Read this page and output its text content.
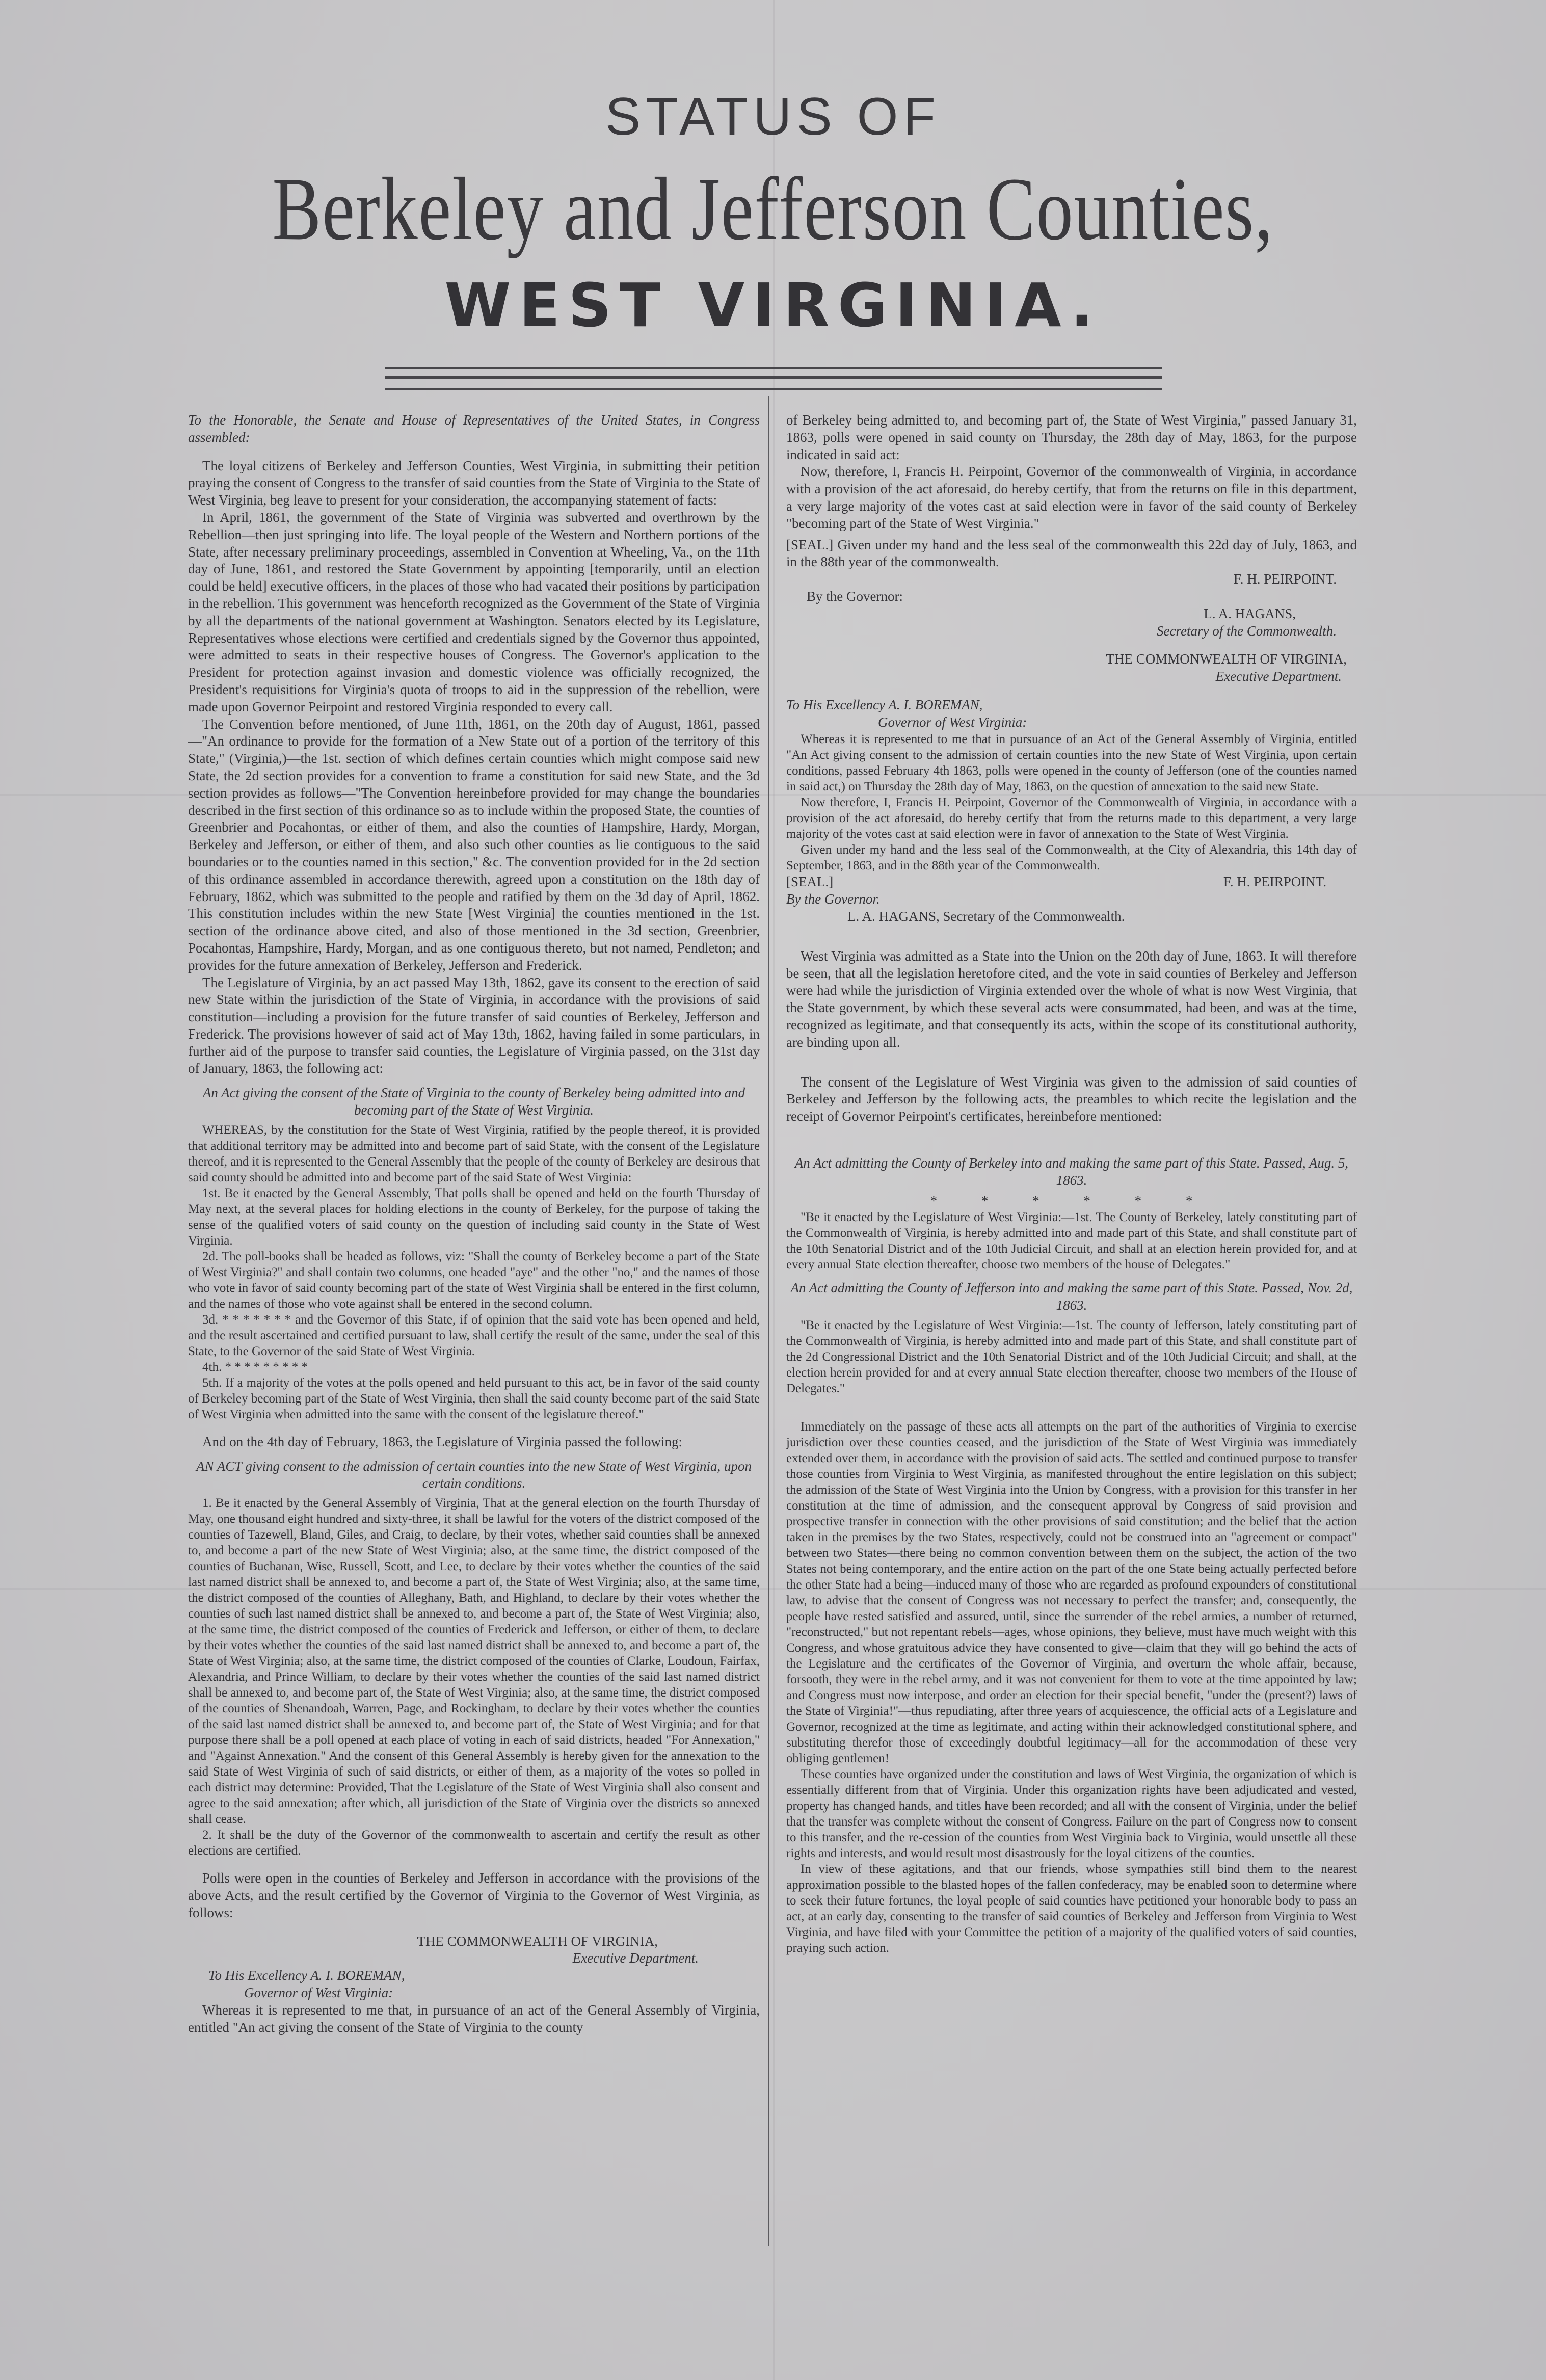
STATUS OF
Berkeley and Jefferson Counties,
WEST VIRGINIA.

To the Honorable, the Senate and House of Representatives of the United States, in Congress assembled:

The loyal citizens of Berkeley and Jefferson Counties, West Virginia, in submitting their petition praying the consent of Congress to the transfer of said counties from the State of Virginia to the State of West Virginia, beg leave to present for your consideration, the accompanying statement of facts:

In April, 1861, the government of the State of Virginia was subverted and overthrown by the Rebellion—then just springing into life. The loyal people of the Western and Northern portions of the State, after necessary preliminary proceedings, assembled in Convention at Wheeling, Va., on the 11th day of June, 1861, and restored the State Government by appointing [temporarily, until an election could be held] executive officers, in the places of those who had vacated their positions by participation in the rebellion. This government was henceforth recognized as the Government of the State of Virginia by all the departments of the national government at Washington. Senators elected by its Legislature, Representatives whose elections were certified and credentials signed by the Governor thus appointed, were admitted to seats in their respective houses of Congress. The Governor's application to the President for protection against invasion and domestic violence was officially recognized, the President's requisitions for Virginia's quota of troops to aid in the suppression of the rebellion, were made upon Governor Peirpoint and restored Virginia responded to every call.

The Convention before mentioned, of June 11th, 1861, on the 20th day of August, 1861, passed—"An ordinance to provide for the formation of a New State out of a portion of the territory of this State," (Virginia,)—the 1st. section of which defines certain counties which might compose said new State, the 2d section provides for a convention to frame a constitution for said new State, and the 3d section provides as follows—"The Convention hereinbefore provided for may change the boundaries described in the first section of this ordinance so as to include within the proposed State, the counties of Greenbrier and Pocahontas, or either of them, and also the counties of Hampshire, Hardy, Morgan, Berkeley and Jefferson, or either of them, and also such other counties as lie contiguous to the said boundaries or to the counties named in this section," &c. The convention provided for in the 2d section of this ordinance assembled in accordance therewith, agreed upon a constitution on the 18th day of February, 1862, which was submitted to the people and ratified by them on the 3d day of April, 1862. This constitution includes within the new State [West Virginia] the counties mentioned in the 1st. section of the ordinance above cited, and also of those mentioned in the 3d section, Greenbrier, Pocahontas, Hampshire, Hardy, Morgan, and as one contiguous thereto, but not named, Pendleton; and provides for the future annexation of Berkeley, Jefferson and Frederick.

The Legislature of Virginia, by an act passed May 13th, 1862, gave its consent to the erection of said new State within the jurisdiction of the State of Virginia, in accordance with the provisions of said constitution—including a provision for the future transfer of said counties of Berkeley, Jefferson and Frederick. The provisions however of said act of May 13th, 1862, having failed in some particulars, in further aid of the purpose to transfer said counties, the Legislature of Virginia passed, on the 31st day of January, 1863, the following act:

An Act giving the consent of the State of Virginia to the county of Berkeley being admitted into and becoming part of the State of West Virginia.

WHEREAS, by the constitution for the State of West Virginia, ratified by the people thereof, it is provided that additional territory may be admitted into and become part of said State, with the consent of the Legislature thereof, and it is represented to the General Assembly that the people of the county of Berkeley are desirous that said county should be admitted into and become part of the said State of West Virginia:

1st. Be it enacted by the General Assembly, That polls shall be opened and held on the fourth Thursday of May next, at the several places for holding elections in the county of Berkeley, for the purpose of taking the sense of the qualified voters of said county on the question of including said county in the State of West Virginia.

2d. The poll-books shall be headed as follows, viz: "Shall the county of Berkeley become a part of the State of West Virginia?" and shall contain two columns, one headed "aye" and the other "no," and the names of those who vote in favor of said county becoming part of the state of West Virginia shall be entered in the first column, and the names of those who vote against shall be entered in the second column.

3d. * * * * * * * and the Governor of this State, if of opinion that the said vote has been opened and held, and the result ascertained and certified pursuant to law, shall certify the result of the same, under the seal of this State, to the Governor of the said State of West Virginia.

4th. * * * * * * * * *

5th. If a majority of the votes at the polls opened and held pursuant to this act, be in favor of the said county of Berkeley becoming part of the State of West Virginia, then shall the said county become part of the said State of West Virginia when admitted into the same with the consent of the legislature thereof."

And on the 4th day of February, 1863, the Legislature of Virginia passed the following:

AN ACT giving consent to the admission of certain counties into the new State of West Virginia, upon certain conditions.

1. Be it enacted by the General Assembly of Virginia, That at the general election on the fourth Thursday of May, one thousand eight hundred and sixty-three, it shall be lawful for the voters of the district composed of the counties of Tazewell, Bland, Giles, and Craig, to declare, by their votes, whether said counties shall be annexed to, and become a part of the new State of West Virginia; also, at the same time, the district composed of the counties of Buchanan, Wise, Russell, Scott, and Lee, to declare by their votes whether the counties of the said last named district shall be annexed to, and become a part of, the State of West Virginia; also, at the same time, the district composed of the counties of Alleghany, Bath, and Highland, to declare by their votes whether the counties of such last named district shall be annexed to, and become a part of, the State of West Virginia; also, at the same time, the district composed of the counties of Frederick and Jefferson, or either of them, to declare by their votes whether the counties of the said last named district shall be annexed to, and become a part of, the State of West Virginia; also, at the same time, the district composed of the counties of Clarke, Loudoun, Fairfax, Alexandria, and Prince William, to declare by their votes whether the counties of the said last named district shall be annexed to, and become part of, the State of West Virginia; also, at the same time, the district composed of the counties of Shenandoah, Warren, Page, and Rockingham, to declare by their votes whether the counties of the said last named district shall be annexed to, and become part of, the State of West Virginia; and for that purpose there shall be a poll opened at each place of voting in each of said districts, headed "For Annexation," and "Against Annexation." And the consent of this General Assembly is hereby given for the annexation to the said State of West Virginia of such of said districts, or either of them, as a majority of the votes so polled in each district may determine: Provided, That the Legislature of the State of West Virginia shall also consent and agree to the said annexation; after which, all jurisdiction of the State of Virginia over the districts so annexed shall cease.

2. It shall be the duty of the Governor of the commonwealth to ascertain and certify the result as other elections are certified.

Polls were open in the counties of Berkeley and Jefferson in accordance with the provisions of the above Acts, and the result certified by the Governor of Virginia to the Governor of West Virginia, as follows:

THE COMMONWEALTH OF VIRGINIA,

Executive Department.

To His Excellency A. I. BOREMAN,

Governor of West Virginia:

Whereas it is represented to me that, in pursuance of an act of the General Assembly of Virginia, entitled "An act giving the consent of the State of Virginia to the county

of Berkeley being admitted to, and becoming part of, the State of West Virginia," passed January 31, 1863, polls were opened in said county on Thursday, the 28th day of May, 1863, for the purpose indicated in said act:

Now, therefore, I, Francis H. Peirpoint, Governor of the commonwealth of Virginia, in accordance with a provision of the act aforesaid, do hereby certify, that from the returns on file in this department, a very large majority of the votes cast at said election were in favor of the said county of Berkeley "becoming part of the State of West Virginia."

[SEAL.] Given under my hand and the less seal of the commonwealth this 22d day of July, 1863, and in the 88th year of the commonwealth.

F. H. PEIRPOINT.

By the Governor:

L. A. HAGANS,

Secretary of the Commonwealth.

THE COMMONWEALTH OF VIRGINIA,

Executive Department.

To His Excellency A. I. BOREMAN,

Governor of West Virginia:

Whereas it is represented to me that in pursuance of an Act of the General Assembly of Virginia, entitled "An Act giving consent to the admission of certain counties into the new State of West Virginia, upon certain conditions, passed February 4th 1863, polls were opened in the county of Jefferson (one of the counties named in said act,) on Thursday the 28th day of May, 1863, on the question of annexation to the said new State.

Now therefore, I, Francis H. Peirpoint, Governor of the Commonwealth of Virginia, in accordance with a provision of the act aforesaid, do hereby certify that from the returns made to this department, a very large majority of the votes cast at said election were in favor of annexation to the State of West Virginia.

Given under my hand and the less seal of the Commonwealth, at the City of Alexandria, this 14th day of September, 1863, and in the 88th year of the Commonwealth.

[SEAL.]	F. H. PEIRPOINT.

By the Governor.

L. A. HAGANS, Secretary of the Commonwealth.

West Virginia was admitted as a State into the Union on the 20th day of June, 1863. It will therefore be seen, that all the legislation heretofore cited, and the vote in said counties of Berkeley and Jefferson were had while the jurisdiction of Virginia extended over the whole of what is now West Virginia, that the State government, by which these several acts were consummated, had been, and was at the time, recognized as legitimate, and that consequently its acts, within the scope of its constitutional authority, are binding upon all.

The consent of the Legislature of West Virginia was given to the admission of said counties of Berkeley and Jefferson by the following acts, the preambles to which recite the legislation and the receipt of Governor Peirpoint's certificates, hereinbefore mentioned:

An Act admitting the County of Berkeley into and making the same part of this State. Passed, Aug. 5, 1863.

* * * * * *

"Be it enacted by the Legislature of West Virginia:—1st. The County of Berkeley, lately constituting part of the Commonwealth of Virginia, is hereby admitted into and made part of this State, and shall constitute part of the 10th Senatorial District and of the 10th Judicial Circuit, and shall at an election herein provided for, and at every annual State election thereafter, choose two members of the house of Delegates."

An Act admitting the County of Jefferson into and making the same part of this State. Passed, Nov. 2d, 1863.

"Be it enacted by the Legislature of West Virginia:—1st. The county of Jefferson, lately constituting part of the Commonwealth of Virginia, is hereby admitted into and made part of this State, and shall constitute part of the 2d Congressional District and the 10th Senatorial District and of the 10th Judicial Circuit; and shall, at the election herein provided for and at every annual State election thereafter, choose two members of the House of Delegates."

Immediately on the passage of these acts all attempts on the part of the authorities of Virginia to exercise jurisdiction over these counties ceased, and the jurisdiction of the State of West Virginia was immediately extended over them, in accordance with the provision of said acts. The settled and continued purpose to transfer those counties from Virginia to West Virginia, as manifested throughout the entire legislation on this subject; the admission of the State of West Virginia into the Union by Congress, with a provision for this transfer in her constitution at the time of admission, and the consequent approval by Congress of said provision and prospective transfer in connection with the other provisions of said constitution; and the belief that the action taken in the premises by the two States, respectively, could not be construed into an "agreement or compact" between two States—there being no common convention between them on the subject, the action of the two States not being contemporary, and the entire action on the part of the one State being actually perfected before the other State had a being—induced many of those who are regarded as profound expounders of constitutional law, to advise that the consent of Congress was not necessary to perfect the transfer; and, consequently, the people have rested satisfied and assured, until, since the surrender of the rebel armies, a number of returned, "reconstructed," but not repentant rebels—ages, whose opinions, they believe, must have much weight with this Congress, and whose gratuitous advice they have consented to give—claim that they will go behind the acts of the Legislature and the certificates of the Governor of Virginia, and overturn the whole affair, because, forsooth, they were in the rebel army, and it was not convenient for them to vote at the time appointed by law; and Congress must now interpose, and order an election for their special benefit, "under the (present?) laws of the State of Virginia!"—thus repudiating, after three years of acquiescence, the official acts of a Legislature and Governor, recognized at the time as legitimate, and acting within their acknowledged constitutional sphere, and substituting therefor those of exceedingly doubtful legitimacy—all for the accommodation of these very obliging gentlemen!

These counties have organized under the constitution and laws of West Virginia, the organization of which is essentially different from that of Virginia. Under this organization rights have been adjudicated and vested, property has changed hands, and titles have been recorded; and all with the consent of Virginia, under the belief that the transfer was complete without the consent of Congress. Failure on the part of Congress now to consent to this transfer, and the re-cession of the counties from West Virginia back to Virginia, would unsettle all these rights and interests, and would result most disastrously for the loyal citizens of the counties.

In view of these agitations, and that our friends, whose sympathies still bind them to the nearest approximation possible to the blasted hopes of the fallen confederacy, may be enabled soon to determine where to seek their future fortunes, the loyal people of said counties have petitioned your honorable body to pass an act, at an early day, consenting to the transfer of said counties of Berkeley and Jefferson from Virginia to West Virginia, and have filed with your Committee the petition of a majority of the qualified voters of said counties, praying such action.
